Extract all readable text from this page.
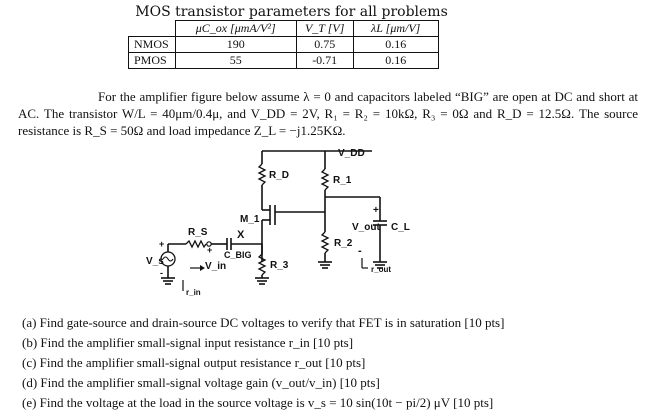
MOS transistor parameters for all problems
	μC_ox [μmA/V²]	V_T [V]	λL [μm/V]
NMOS	190	0.75	0.16
PMOS	55	-0.71	0.16
For the amplifier figure below assume λ = 0 and capacitors labeled “BIG” are open at DC and short at AC. The transistor W/L = 40μm/0.4μ, and V_DD = 2V, R₁ = R₂ = 10kΩ, R₃ = 0Ω and R_D = 12.5Ω. The source resistance is R_S = 50Ω and load impedance Z_L = −j1.25KΩ.
V_DD
R_D	R_1
+
M_1
R_2
V_out
-
r_out
C_L
+
-
V_s
R_S
+ C_BIG
X
V_in
r_in
R_3
(a) Find gate-source and drain-source DC voltages to verify that FET is in saturation [10 pts]
(b) Find the amplifier small-signal input resistance r_in [10 pts]
(c) Find the amplifier small-signal output resistance r_out [10 pts]
(d) Find the amplifier small-signal voltage gain (v_out/v_in) [10 pts]
(e) Find the voltage at the load in the source voltage is v_s = 10 sin(10t − pi/2) μV [10 pts]
